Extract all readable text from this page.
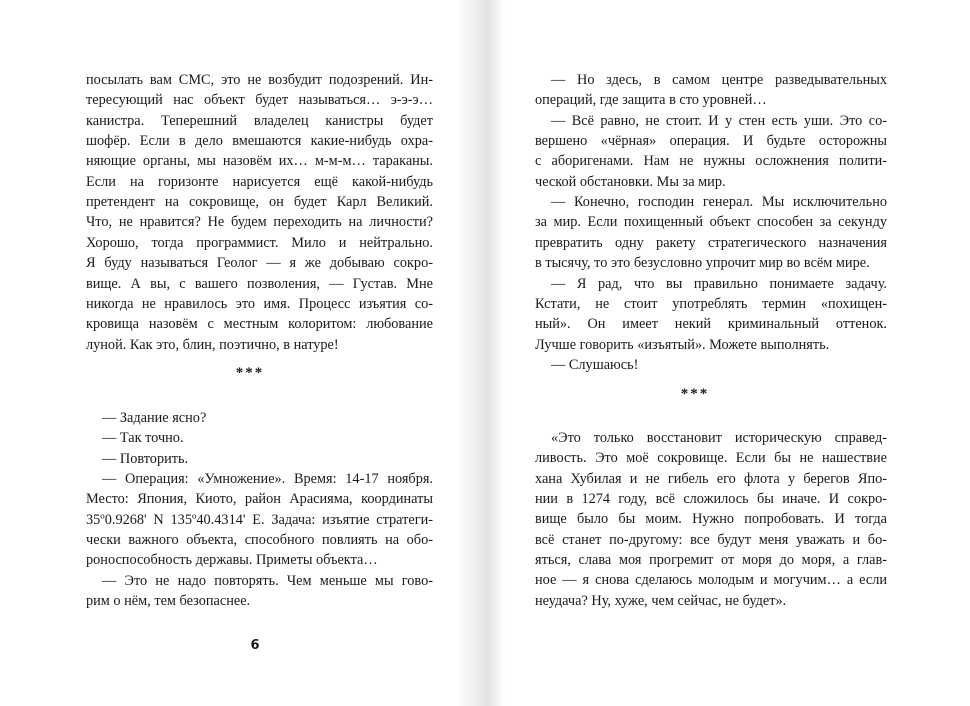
посылать вам СМС, это не возбудит подозрений. Ин-
тересующий нас объект будет называться… э-э-э…
канистра. Теперешний владелец канистры будет
шофёр. Если в дело вмешаются какие-нибудь охра-
няющие органы, мы назовём их… м-м-м… тараканы.
Если на горизонте нарисуется ещё какой-нибудь
претендент на сокровище, он будет Карл Великий.
Что, не нравится? Не будем переходить на личности?
Хорошо, тогда программист. Мило и нейтрально.
Я буду называться Геолог — я же добываю сокро-
вище. А вы, с вашего позволения, — Густав. Мне
никогда не нравилось это имя. Процесс изъятия со-
кровища назовём с местным колоритом: любование
луной. Как это, блин, поэтично, в натуре!
***
— Задание ясно?
— Так точно.
— Повторить.
— Операция: «Умножение». Время: 14-17 ноября.
Место: Япония, Киото, район Арасияма, координаты
35º0.9268' N 135º40.4314' E. Задача: изъятие стратеги-
чески важного объекта, способного повлиять на обо-
роноспособность державы. Приметы объекта…
— Это не надо повторять. Чем меньше мы гово-
рим о нём, тем безопаснее.
6
— Но здесь, в самом центре разведывательных
операций, где защита в сто уровней…
— Всё равно, не стоит. И у стен есть уши. Это со-
вершено «чёрная» операция. И будьте осторожны
с аборигенами. Нам не нужны осложнения полити-
ческой обстановки. Мы за мир.
— Конечно, господин генерал. Мы исключительно
за мир. Если похищенный объект способен за секунду
превратить одну ракету стратегического назначения
в тысячу, то это безусловно упрочит мир во всём мире.
— Я рад, что вы правильно понимаете задачу.
Кстати, не стоит употреблять термин «похищен-
ный». Он имеет некий криминальный оттенок.
Лучше говорить «изъятый». Можете выполнять.
— Слушаюсь!
***
«Это только восстановит историческую справед-
ливость. Это моё сокровище. Если бы не нашествие
хана Хубилая и не гибель его флота у берегов Япо-
нии в 1274 году, всё сложилось бы иначе. И сокро-
вище было бы моим. Нужно попробовать. И тогда
всё станет по-другому: все будут меня уважать и бо-
яться, слава моя прогремит от моря до моря, а глав-
ное — я снова сделаюсь молодым и могучим… а если
неудача? Ну, хуже, чем сейчас, не будет».
